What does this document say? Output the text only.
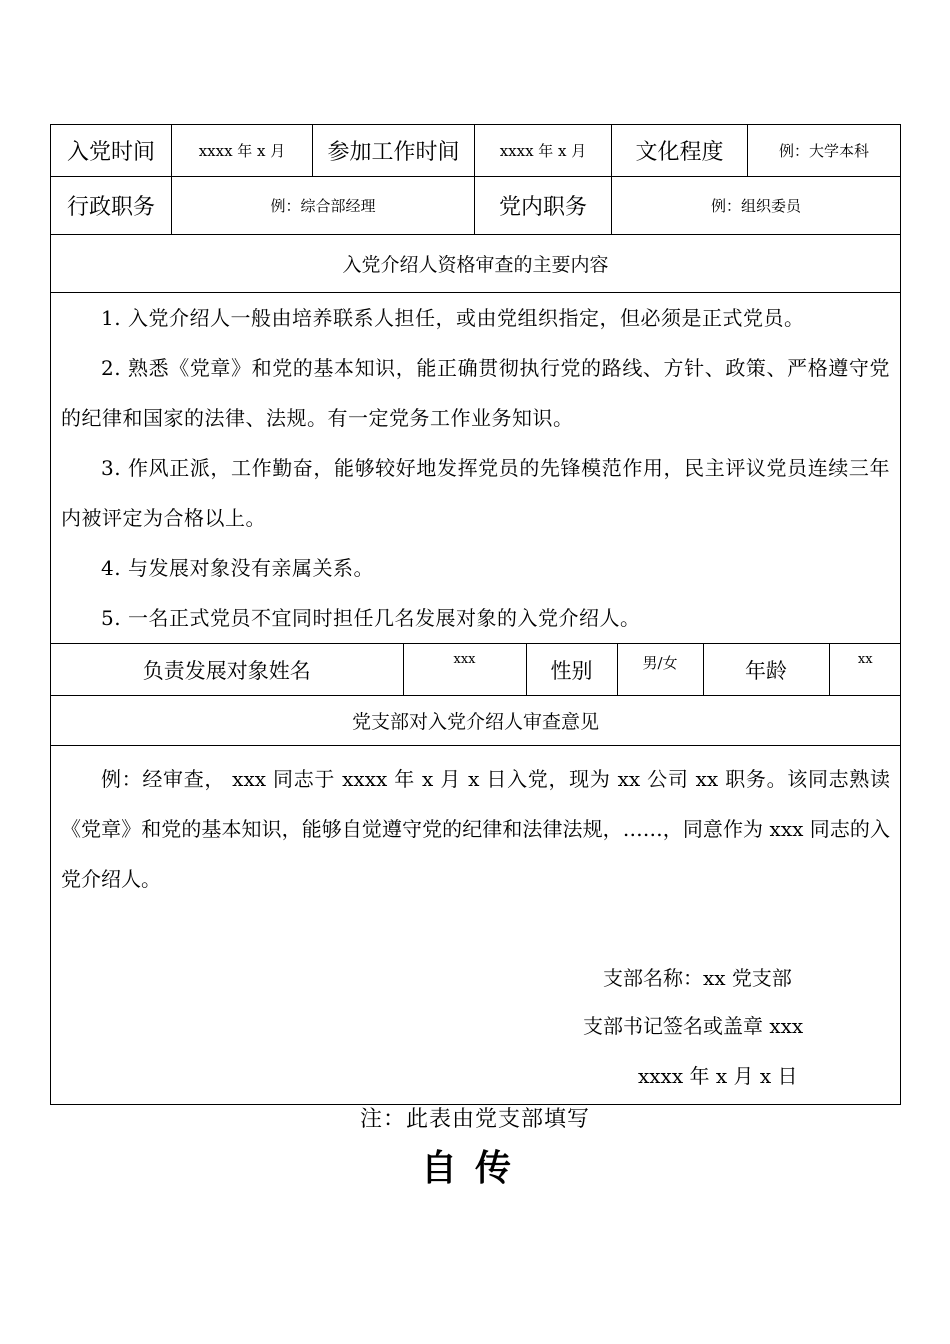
入党时间	xxxx 年 x 月	参加工作时间	xxxx 年 x 月	文化程度	例：大学本科
行政职务	例：综合部经理	党内职务	例：组织委员
入党介绍人资格审查的主要内容

1. 入党介绍人一般由培养联系人担任，或由党组织指定，但必须是正式党员。

2. 熟悉《党章》和党的基本知识，能正确贯彻执行党的路线、方针、政策、严格遵守党的纪律和国家的法律、法规。有一定党务工作业务知识。

3. 作风正派，工作勤奋，能够较好地发挥党员的先锋模范作用，民主评议党员连续三年内被评定为合格以上。

4. 与发展对象没有亲属关系。

5. 一名正式党员不宜同时担任几名发展对象的入党介绍人。

负责发展对象姓名	xxx	性别	男/女	年龄	xx

党支部对入党介绍人审查意见

例：经审查， xxx 同志于 xxxx 年 x 月 x 日入党，现为 xx 公司 xx 职务。该同志熟读《党章》和党的基本知识，能够自觉遵守党的纪律和法律法规，……，同意作为 xxx 同志的入党介绍人。

支部名称：xx 党支部
支部书记签名或盖章 xxx
xxxx 年 x 月 x 日
注：此表由党支部填写
自传
